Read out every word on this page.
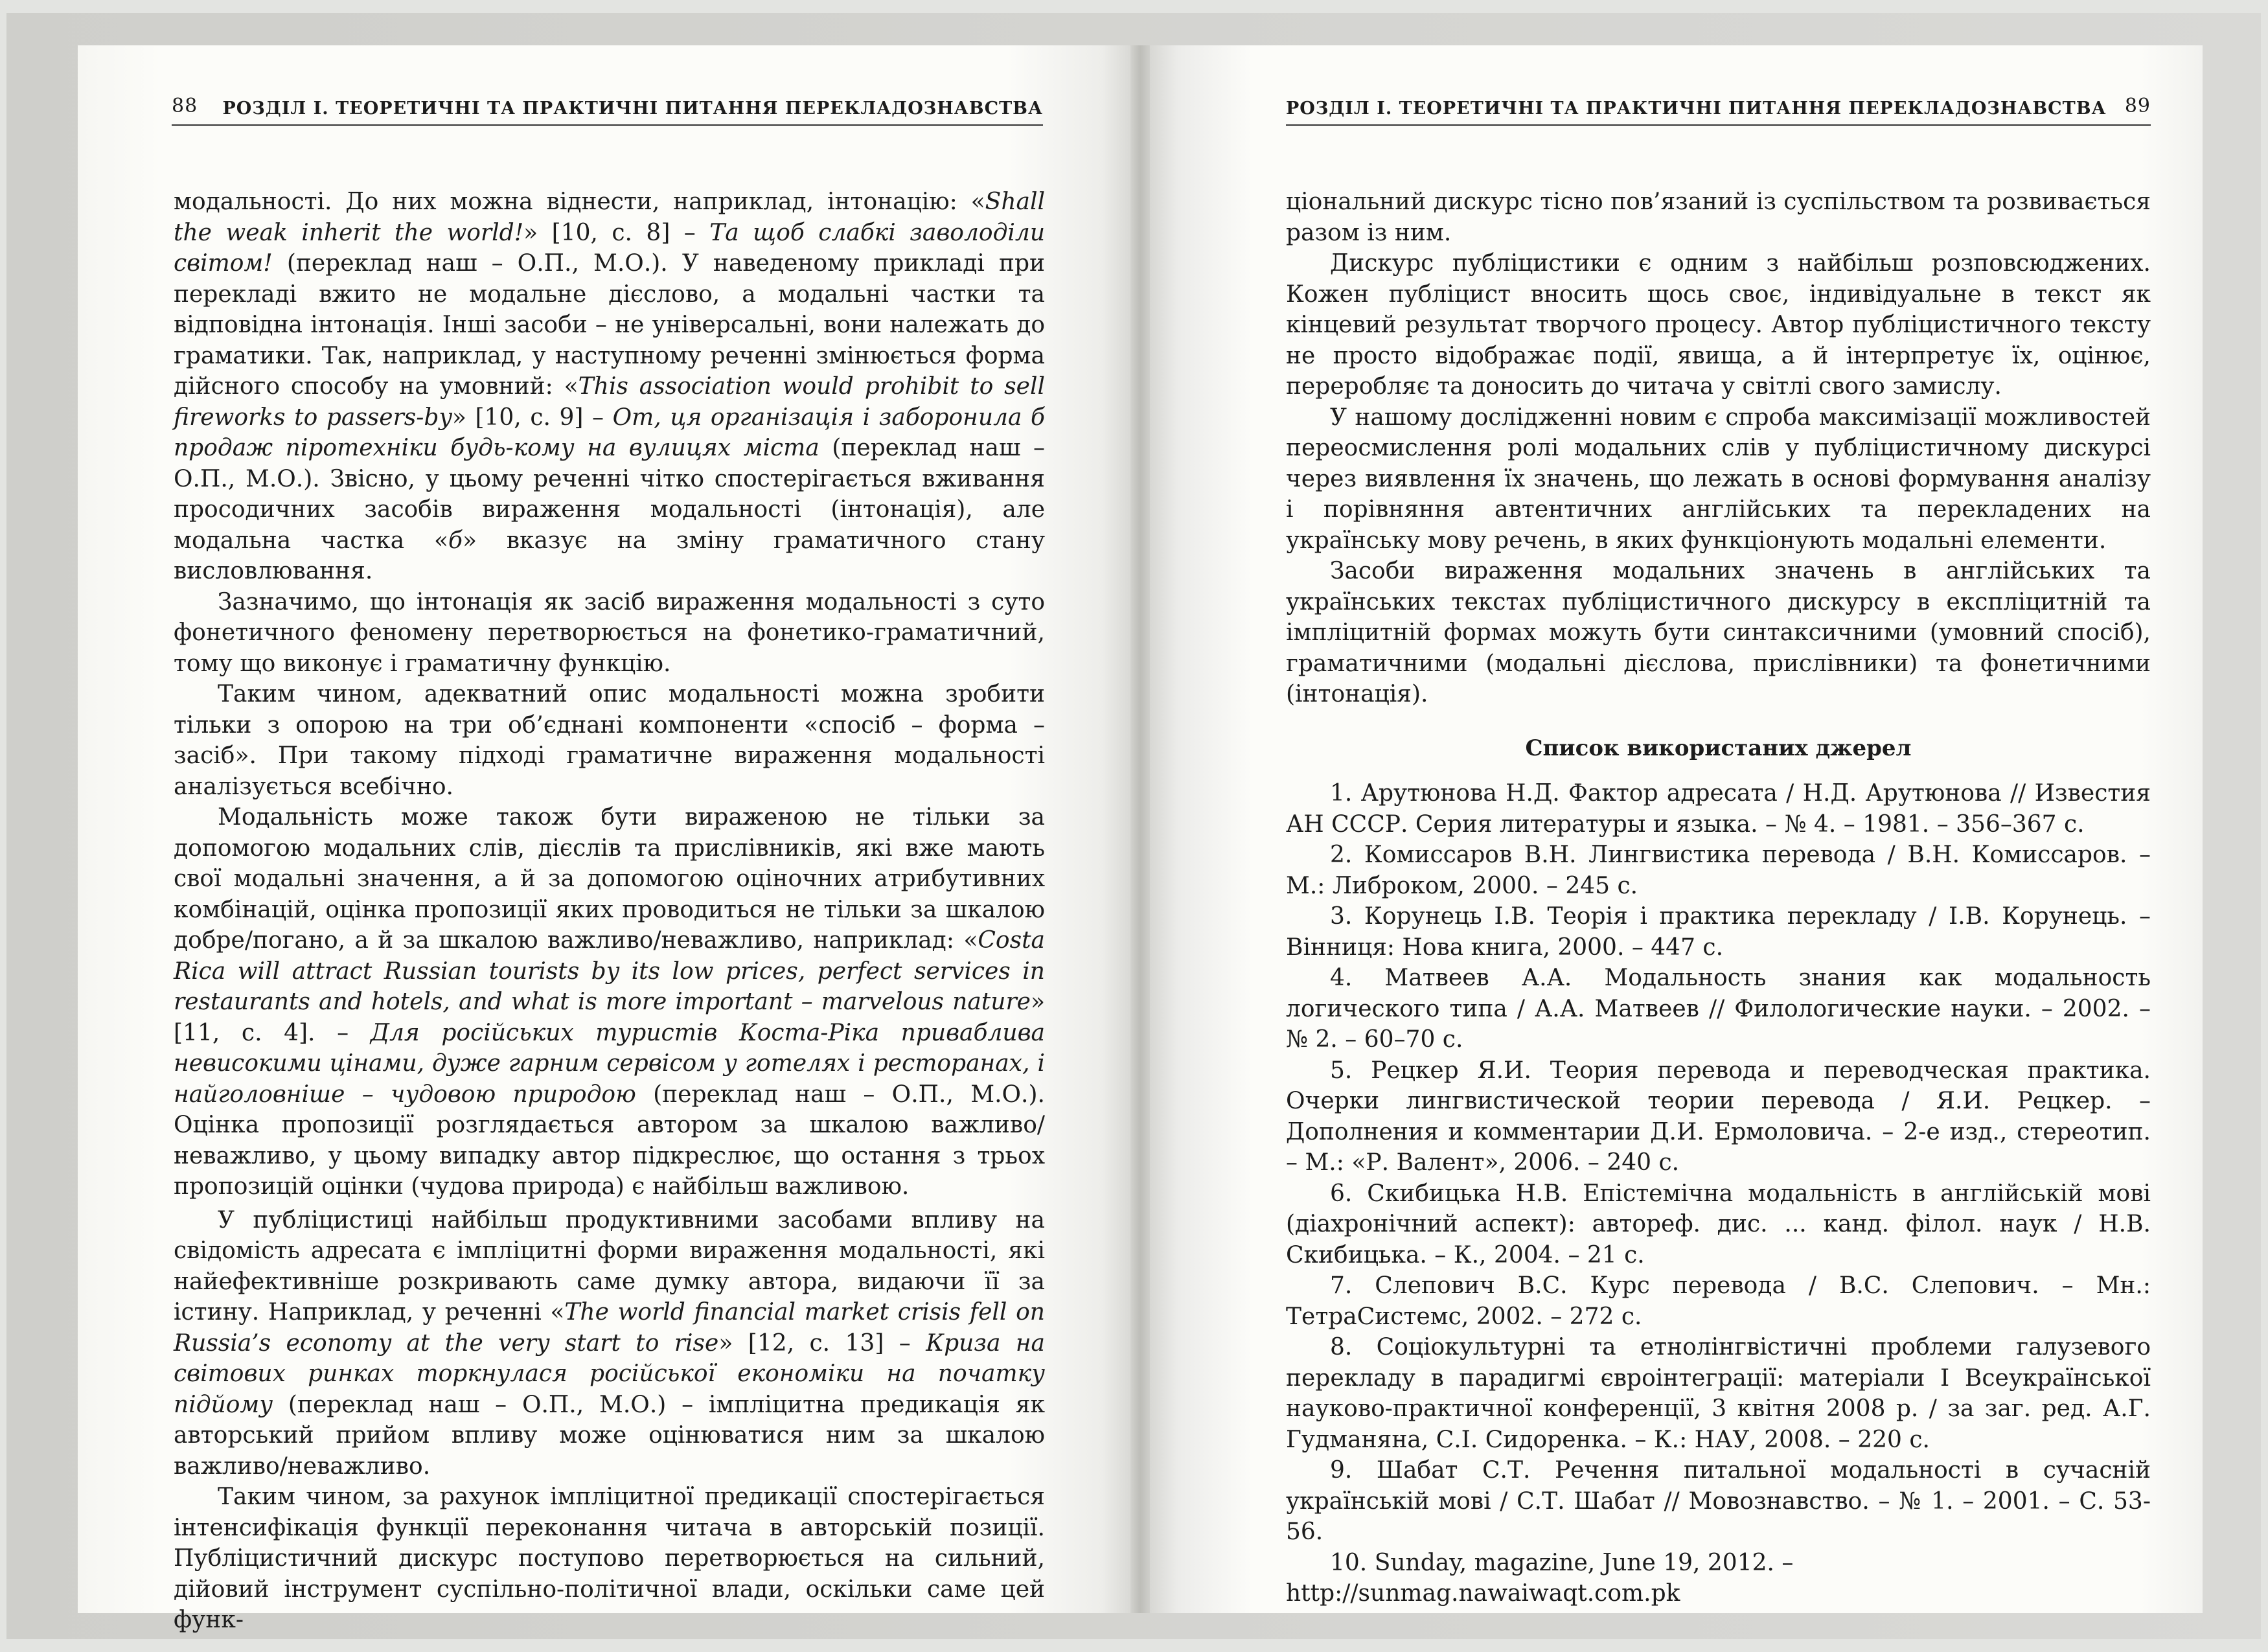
88 РОЗДІЛ І. ТЕОРЕТИЧНІ ТА ПРАКТИЧНІ ПИТАННЯ ПЕРЕКЛАДОЗНАВСТВА

модальності. До них можна віднести, наприклад, інтонацію: «Shall the weak inherit the world!» [10, с. 8] – Та щоб слабкі заволоділи світом! (переклад наш – О.П., М.О.). У наведеному прикладі при перекладі вжито не модальне дієслово, а модальні частки та відповідна інтонація. Інші засоби – не універсальні, вони належать до граматики. Так, наприклад, у наступному реченні змінюється форма дійсного способу на умовний: «This association would prohibit to sell fireworks to passers-by» [10, с. 9] – От, ця організація і заборонила б продаж піротехніки будь-кому на вулицях міста (переклад наш – О.П., М.О.). Звісно, у цьому реченні чітко спостерігається вживання просодичних засобів вираження модальності (інтонація), але модальна частка «б» вказує на зміну граматичного стану висловлювання.

Зазначимо, що інтонація як засіб вираження модальності з суто фонетичного феномену перетворюється на фонетико-граматичний, тому що виконує і граматичну функцію.

Таким чином, адекватний опис модальності можна зробити тільки з опорою на три об’єднані компоненти «спосіб – форма – засіб». При такому підході граматичне вираження модальності аналізується всебічно.

Модальність може також бути вираженою не тільки за допомогою модальних слів, дієслів та прислівників, які вже мають свої модальні значення, а й за допомогою оціночних атрибутивних комбінацій, оцінка пропозиції яких проводиться не тільки за шкалою добре/погано, а й за шкалою важливо/неважливо, наприклад: «Costa Rica will attract Russian tourists by its low prices, perfect services in restaurants and hotels, and what is more important – marvelous nature» [11, с. 4]. – Для російських туристів Коста-Ріка приваблива невисокими цінами, дуже гарним сервісом у готелях і ресторанах, і найголовніше – чудовою природою (переклад наш – О.П., М.О.). Оцінка пропозиції розглядається автором за шкалою важливо/неважливо, у цьому випадку автор підкреслює, що остання з трьох пропозицій оцінки (чудова природа) є найбільш важливою.

У публіцистиці найбільш продуктивними засобами впливу на свідомість адресата є імпліцитні форми вираження модальності, які найефективніше розкривають саме думку автора, видаючи її за істину. Наприклад, у реченні «The world financial market crisis fell on Russia’s economy at the very start to rise» [12, с. 13] – Криза на світових ринках торкнулася російської економіки на початку підйому (переклад наш – О.П., М.О.) – імпліцитна предикація як авторський прийом впливу може оцінюватися ним за шкалою важливо/неважливо.

Таким чином, за рахунок імпліцитної предикації спостерігається інтенсифікація функції переконання читача в авторській позиції. Публіцистичний дискурс поступово перетворюється на сильний, дійовий інструмент суспільно-політичної влади, оскільки саме цей функ-

РОЗДІЛ І. ТЕОРЕТИЧНІ ТА ПРАКТИЧНІ ПИТАННЯ ПЕРЕКЛАДОЗНАВСТВА 89

ціональний дискурс тісно пов’язаний із суспільством та розвивається разом із ним.

Дискурс публіцистики є одним з найбільш розповсюджених. Кожен публіцист вносить щось своє, індивідуальне в текст як кінцевий результат творчого процесу. Автор публіцистичного тексту не просто відображає події, явища, а й інтерпретує їх, оцінює, переробляє та доносить до читача у світлі свого замислу.

У нашому дослідженні новим є спроба максимізації можливостей переосмислення ролі модальних слів у публіцистичному дискурсі через виявлення їх значень, що лежать в основі формування аналізу і порівняння автентичних англійських та перекладених на українську мову речень, в яких функціонують модальні елементи.

Засоби вираження модальних значень в англійських та українських текстах публіцистичного дискурсу в експліцитній та імпліцитній формах можуть бути синтаксичними (умовний спосіб), граматичними (модальні дієслова, прислівники) та фонетичними (інтонація).

Список використаних джерел

1. Арутюнова Н.Д. Фактор адресата / Н.Д. Арутюнова // Известия АН СССР. Серия литературы и языка. – № 4. – 1981. – 356–367 с.

2. Комиссаров В.Н. Лингвистика перевода / В.Н. Комиссаров. – М.: Либроком, 2000. – 245 с.

3. Корунець І.В. Теорія і практика перекладу / І.В. Корунець. – Вінниця: Нова книга, 2000. – 447 с.

4. Матвеев А.А. Модальность знания как модальность логического типа / А.А. Матвеев // Филологические науки. – 2002. – № 2. – 60–70 с.

5. Рецкер Я.И. Теория перевода и переводческая практика. Очерки лингвистической теории перевода / Я.И. Рецкер. – Дополнения и комментарии Д.И. Ермоловича. – 2-е изд., стереотип. – М.: «Р. Валент», 2006. – 240 с.

6. Скибицька Н.В. Епістемічна модальність в англійській мові (діахронічний аспект): автореф. дис. ... канд. філол. наук / Н.В. Скибицька. – К., 2004. – 21 с.

7. Слепович В.С. Курс перевода / В.С. Слепович. – Мн.: ТетраСистемс, 2002. – 272 с.

8. Соціокультурні та етнолінгвістичні проблеми галузевого перекладу в парадигмі євроінтеграції: матеріали І Всеукраїнської науково-практичної конференції, 3 квітня 2008 р. / за заг. ред. А.Г. Гудманяна, С.І. Сидоренка. – К.: НАУ, 2008. – 220 с.

9. Шабат С.Т. Речення питальної модальності в сучасній українській мові / С.Т. Шабат // Мовознавство. – № 1. – 2001. – С. 53-56.

10. Sunday, magazine, June 19, 2012. – http://sunmag.nawaiwaqt.com.pk
